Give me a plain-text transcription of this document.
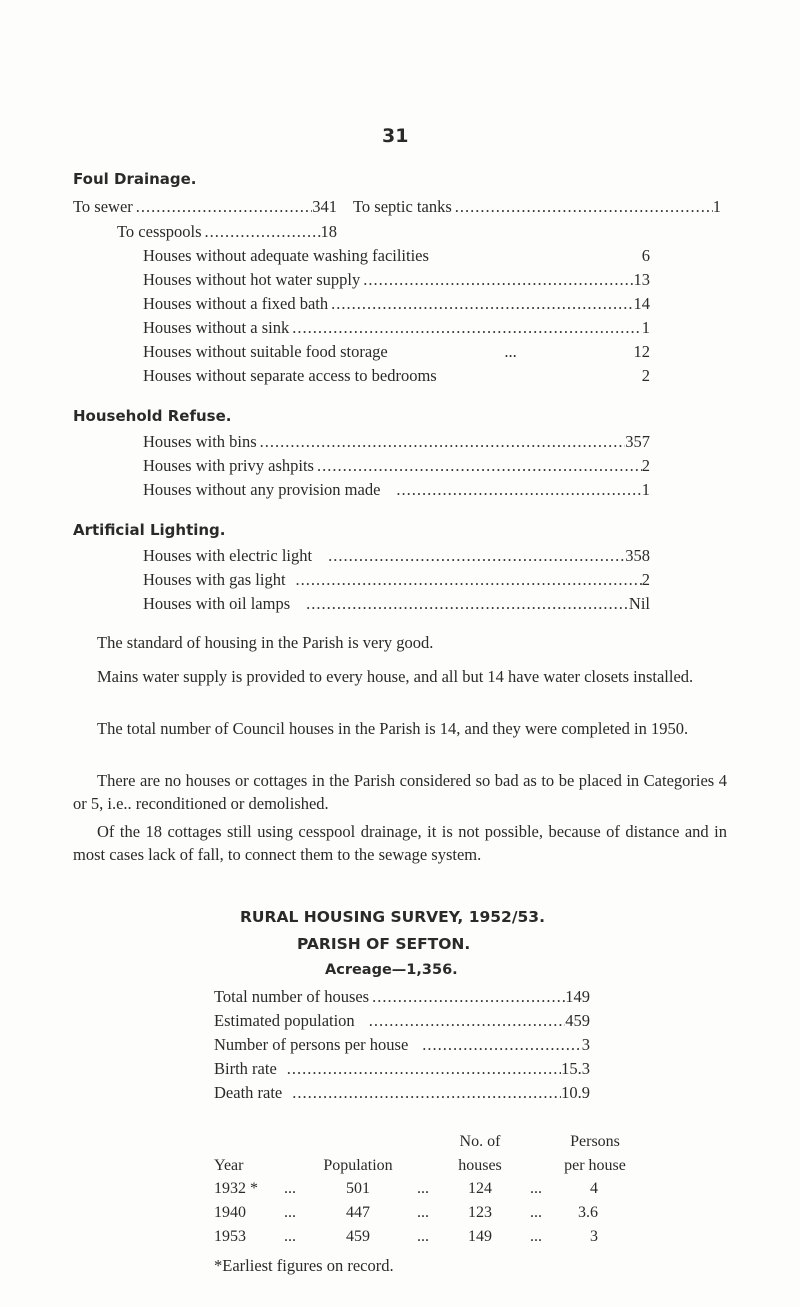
31
Foul Drainage.
To sewer .....	341 To septic tanks .....	1
To cesspools .....	18
Houses without adequate washing facilities	6
Houses without hot water supply .....	13
Houses without a fixed bath .....	14
Houses without a sink .....	1
Houses without suitable food storage	...	12
Houses without separate access to bedrooms	2
Household Refuse.
Houses with bins .....	357
Houses with privy ashpits .....	2
Houses without any provision made .....	1
Artificial Lighting.
Houses with electric light .....	358
Houses with gas light .....	2
Houses with oil lamps .....	Nil
The standard of housing in the Parish is very good.
Mains water supply is provided to every house, and all but 14 have water closets installed.
The total number of Council houses in the Parish is 14, and they were completed in 1950.
There are no houses or cottages in the Parish considered so bad as to be placed in Categories 4 or 5, i.e.. reconditioned or demolished.
Of the 18 cottages still using cesspool drainage, it is not possible, because of distance and in most cases lack of fall, to connect them to the sewage system.
RURAL HOUSING SURVEY, 1952/53.
PARISH OF SEFTON.
Acreage—1,356.
Total number of houses .....	149
Estimated population .....	459
Number of persons per house .....	3
Birth rate .....	15.3
Death rate .....	10.9
No. of	Persons
Year	Population	houses	per house
1932 * ...	501	...	124	...	4
1940 ...	447	...	123	...	3.6
1953 ...	459	...	149	...	3
*Earliest figures on record.
